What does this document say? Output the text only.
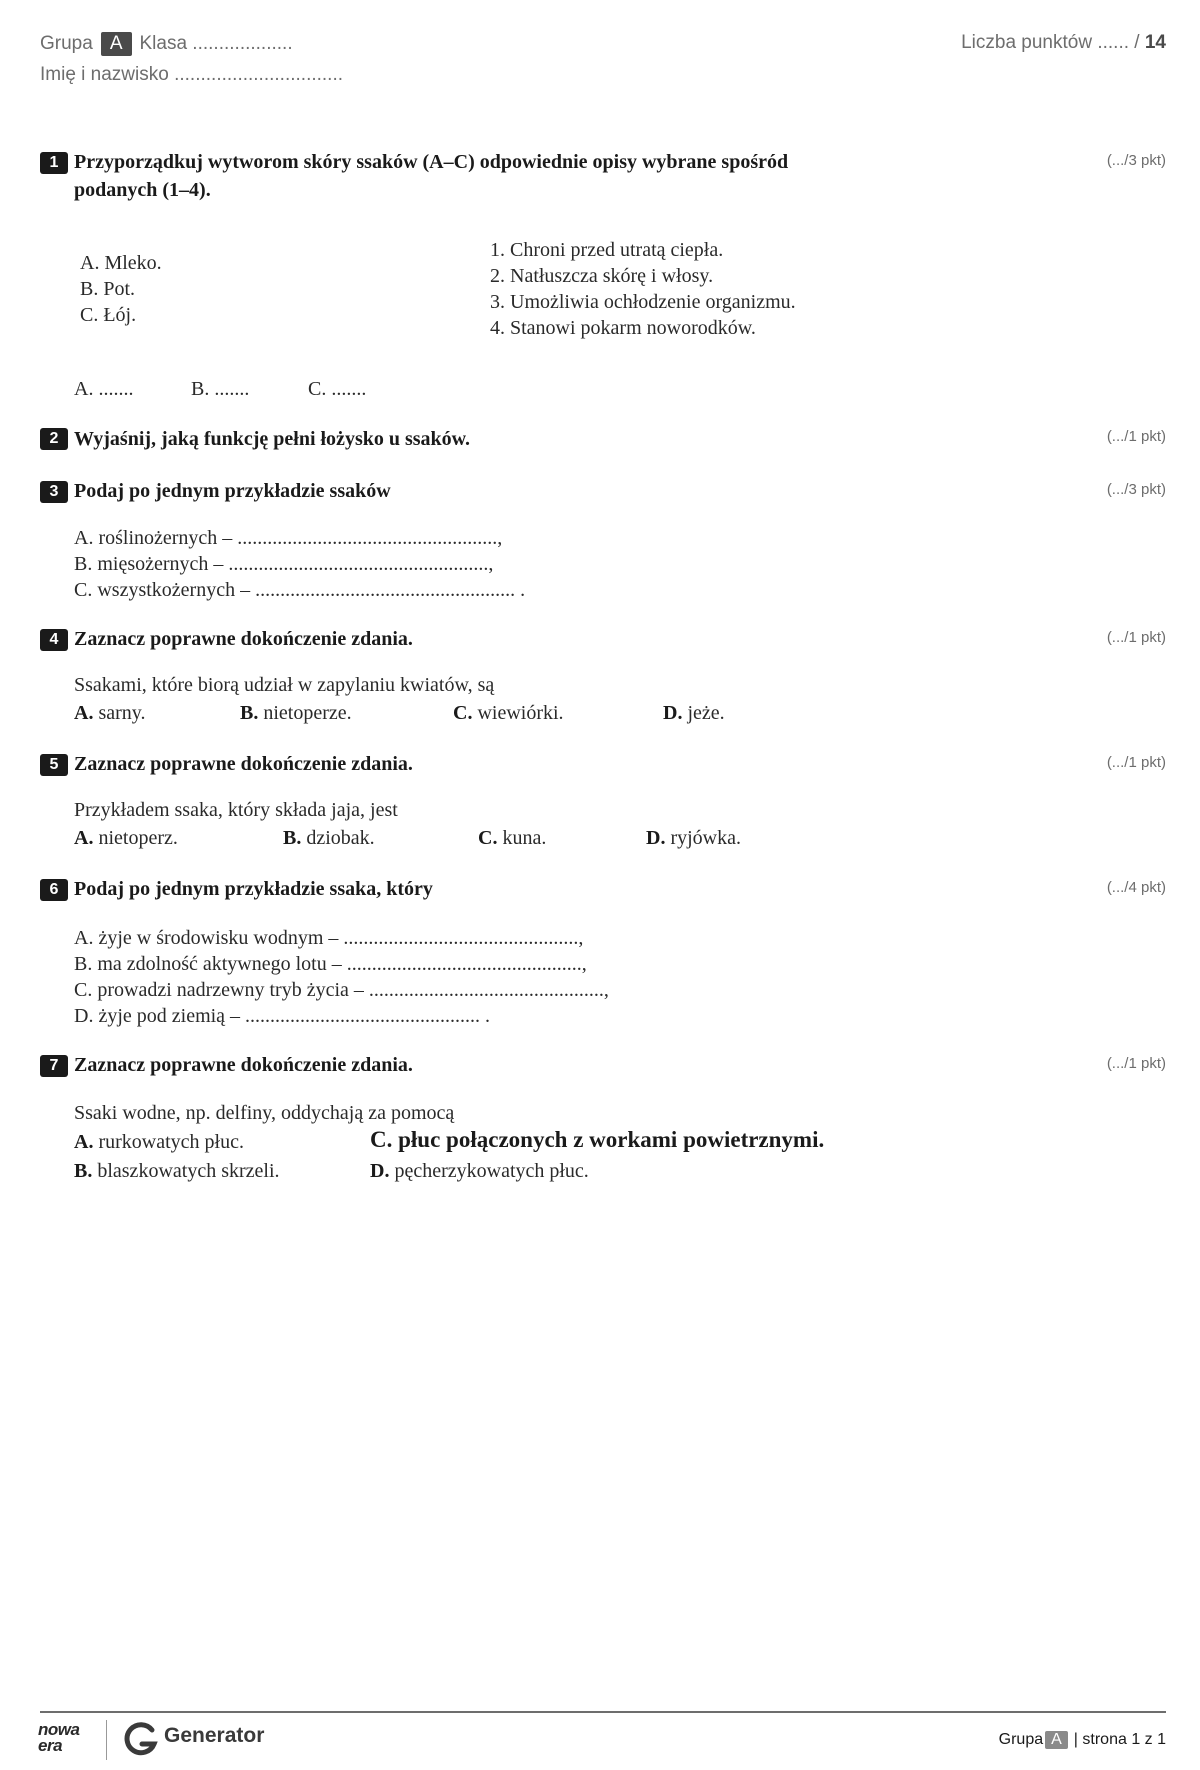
Grupa A Klasa ...................
Imię i nazwisko ................................
Liczba punktów ...... / 14
1 Przyporządkuj wytworom skóry ssaków (A–C) odpowiednie opisy wybrane spośród
podanych (1–4).
(.../3 pkt)
A. Mleko.
B. Pot.
C. Łój.
1. Chroni przed utratą ciepła.
2. Natłuszcza skórę i włosy.
3. Umożliwia ochłodzenie organizmu.
4. Stanowi pokarm noworodków.
A. .......	B. .......	C. .......
2 Wyjaśnij, jaką funkcję pełni łożysko u ssaków.	(.../1 pkt)
3 Podaj po jednym przykładzie ssaków	(.../3 pkt)
A. roślinożernych – ....................................................,
B. mięsożernych – ....................................................,
C. wszystkożernych – .................................................... .
4 Zaznacz poprawne dokończenie zdania.	(.../1 pkt)
Ssakami, które biorą udział w zapylaniu kwiatów, są
A. sarny.	B. nietoperze.	C. wiewiórki.	D. jeże.
5 Zaznacz poprawne dokończenie zdania.	(.../1 pkt)
Przykładem ssaka, który składa jaja, jest
A. nietoperz.	B. dziobak.	C. kuna.	D. ryjówka.
6 Podaj po jednym przykładzie ssaka, który	(.../4 pkt)
A. żyje w środowisku wodnym – ...............................................,
B. ma zdolność aktywnego lotu – ...............................................,
C. prowadzi nadrzewny tryb życia – ...............................................,
D. żyje pod ziemią – ............................................... .
7 Zaznacz poprawne dokończenie zdania.	(.../1 pkt)
Ssaki wodne, np. delfiny, oddychają za pomocą
A. rurkowatych płuc.	C. płuc połączonych z workami powietrznymi.
B. blaszkowatych skrzeli.	D. pęcherzykowatych płuc.
nowa era	Generator	Grupa A | strona 1 z 1
